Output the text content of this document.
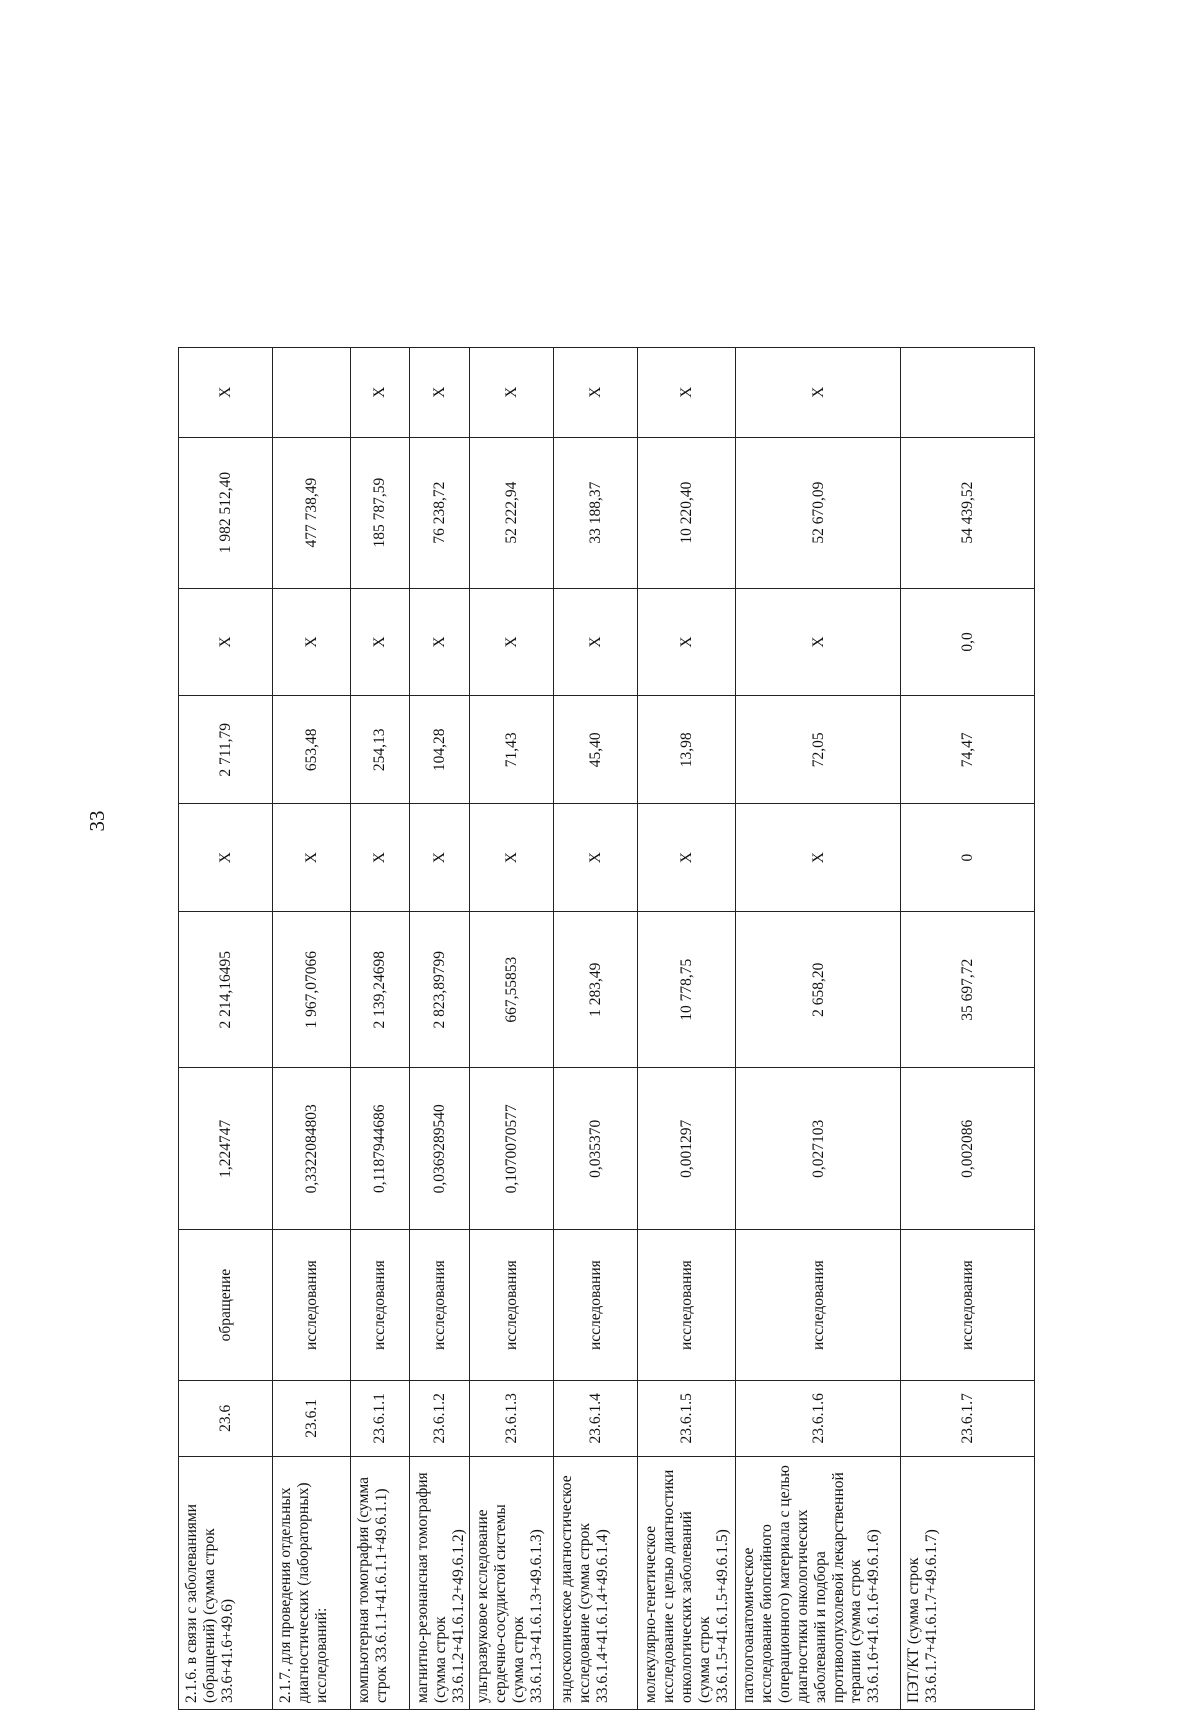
33
2.1.6. в связи с заболеваниями (обращений) (сумма строк 33.6+41.6+49.6)	23.6	обращение	1,224747	2 214,16495	X	2 711,79	X	1 982 512,40	X
2.1.7. для проведения отдельных диагностических (лабораторных) исследований:	23.6.1	исследования	0,3322084803	1 967,07066	X	653,48	X	477 738,49	
компьютерная томография (сумма строк 33.6.1.1+41.6.1.1+49.6.1.1)	23.6.1.1	исследования	0,1187944686	2 139,24698	X	254,13	X	185 787,59	X
магнитно-резонансная томография (сумма строк 33.6.1.2+41.6.1.2+49.6.1.2)	23.6.1.2	исследования	0,0369289540	2 823,89799	X	104,28	X	76 238,72	X
ультразвуковое исследование сердечно-сосудистой системы (сумма строк 33.6.1.3+41.6.1.3+49.6.1.3)	23.6.1.3	исследования	0,1070070577	667,55853	X	71,43	X	52 222,94	X
эндоскопическое диагностическое исследование (сумма строк 33.6.1.4+41.6.1.4+49.6.1.4)	23.6.1.4	исследования	0,035370	1 283,49	X	45,40	X	33 188,37	X
молекулярно-генетическое исследование с целью диагностики онкологических заболеваний (сумма строк 33.6.1.5+41.6.1.5+49.6.1.5)	23.6.1.5	исследования	0,001297	10 778,75	X	13,98	X	10 220,40	X
патологоанатомическое исследование биопсийного (операционного) материала с целью диагностики онкологических заболеваний и подбора противоопухолевой лекарственной терапии (сумма строк 33.6.1.6+41.6.1.6+49.6.1.6)	23.6.1.6	исследования	0,027103	2 658,20	X	72,05	X	52 670,09	X
ПЭТ/КТ (сумма строк 33.6.1.7+41.6.1.7+49.6.1.7)	23.6.1.7	исследования	0,002086	35 697,72	0	74,47	0,0	54 439,52	
